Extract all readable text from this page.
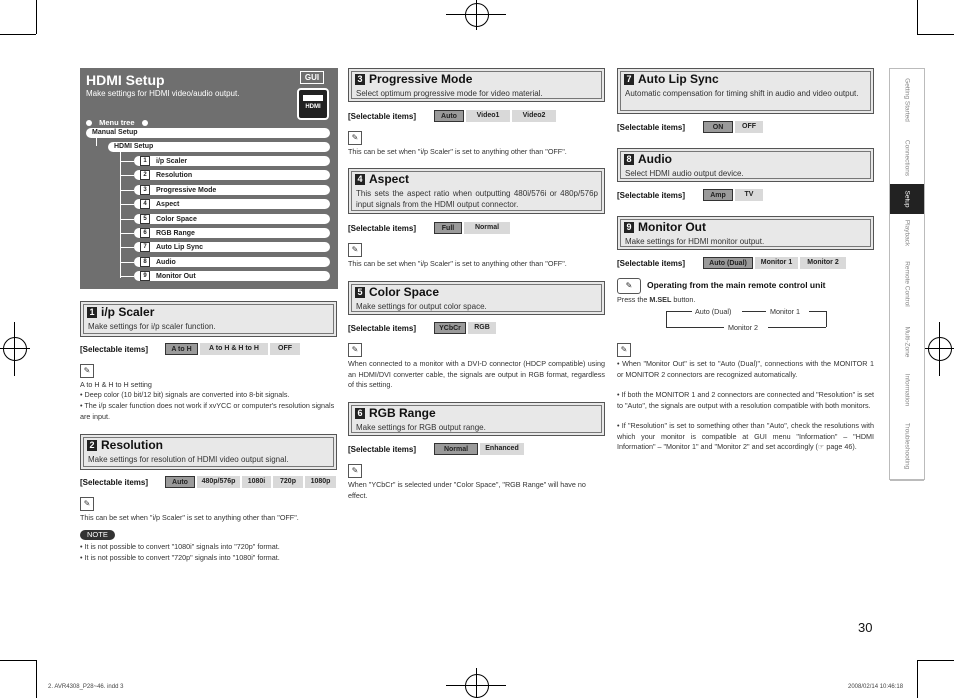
HDMI Setup
Make settings for HDMI video/audio output.
GUI
HDMI
Menu tree
Manual Setup
HDMI Setup
1 i/p Scaler
2 Resolution
3 Progressive Mode
4 Aspect
5 Color Space
6 RGB Range
7 Auto Lip Sync
8 Audio
9 Monitor Out
1 i/p Scaler
Make settings for i/p scaler function.
[Selectable items]	A to H	A to H & H to H	OFF
✎
A to H & H to H setting
• Deep color (10 bit/12 bit) signals are converted into 8-bit signals.
• The i/p scaler function does not work if xvYCC or computer's resolution signals are input.
2 Resolution
Make settings for resolution of HDMI video output signal.
[Selectable items]	Auto	480p/576p	1080i	720p	1080p
✎
This can be set when "i/p Scaler" is set to anything other than "OFF".
NOTE
• It is not possible to convert "1080i" signals into "720p" format.
• It is not possible to convert "720p" signals into "1080i" format.
3 Progressive Mode
Select optimum progressive mode for video material.
[Selectable items]	Auto	Video1	Video2
✎
This can be set when "i/p Scaler" is set to anything other than "OFF".
4 Aspect
This sets the aspect ratio when outputting 480i/576i or 480p/576p input signals from the HDMI output connector.
[Selectable items]	Full	Normal
✎
This can be set when "i/p Scaler" is set to anything other than "OFF".
5 Color Space
Make settings for output color space.
[Selectable items]	YCbCr	RGB
✎
When connected to a monitor with a DVI-D connector (HDCP compatible) using an HDMI/DVI converter cable, the signals are output in RGB format, regardless of this setting.
6 RGB Range
Make settings for RGB output range.
[Selectable items]	Normal	Enhanced
✎
When "YCbCr" is selected under "Color Space", "RGB Range" will have no effect.
7 Auto Lip Sync
Automatic compensation for timing shift in audio and video output.
[Selectable items]	ON	OFF
8 Audio
Select HDMI audio output device.
[Selectable items]	Amp	TV
9 Monitor Out
Make settings for HDMI monitor output.
[Selectable items]	Auto (Dual)	Monitor 1	Monitor 2
✎	Operating from the main remote control unit
Press the M.SEL button.
Auto (Dual)	Monitor 1
Monitor 2
✎
• When "Monitor Out" is set to "Auto (Dual)", connections with the MONITOR 1 or MONITOR 2 connectors are recognized automatically.
• If both the MONITOR 1 and 2 connectors are connected and "Resolution" is set to "Auto", the signals are output with a resolution compatible with both monitors.
• If "Resolution" is set to something other than "Auto", check the resolutions with which your monitor is compatible at GUI menu "Information" – "HDMI Information" – "Monitor 1" and "Monitor 2" and set accordingly (☞ page 46).
Getting Started
Connections
Setup
Playback
Remote Control
Multi-Zone
Information
Troubleshooting
30
2. AVR4308_P28~46. indd 3	2008/02/14 10:46:18
